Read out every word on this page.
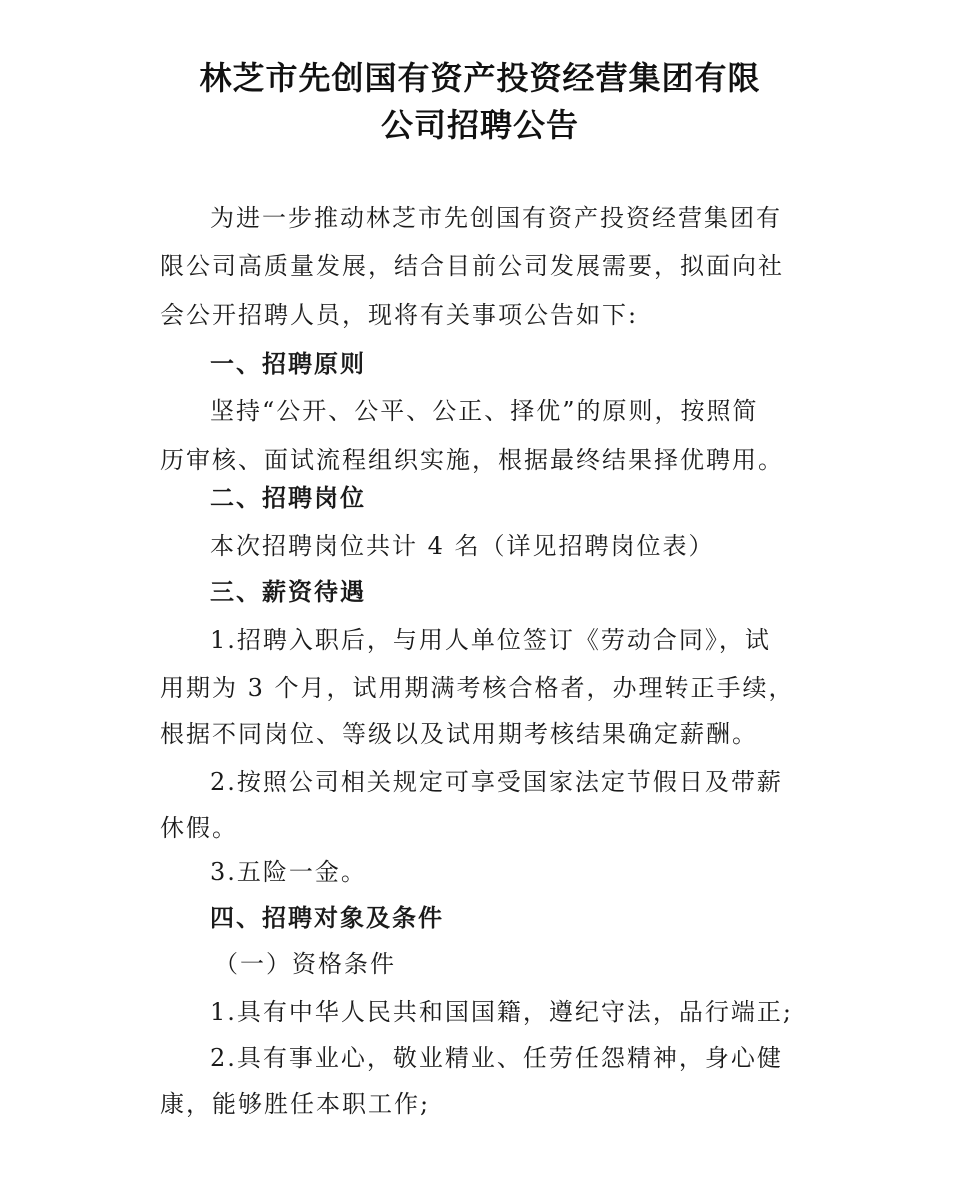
林芝市先创国有资产投资经营集团有限
公司招聘公告
为进一步推动林芝市先创国有资产投资经营集团有
限公司高质量发展，结合目前公司发展需要，拟面向社
会公开招聘人员，现将有关事项公告如下:
一、招聘原则
坚持“公开、公平、公正、择优”的原则，按照简
历审核、面试流程组织实施，根据最终结果择优聘用。
二、招聘岗位
本次招聘岗位共计 4 名（详见招聘岗位表）
三、薪资待遇
1.招聘入职后，与用人单位签订《劳动合同》，试
用期为 3 个月，试用期满考核合格者，办理转正手续，
根据不同岗位、等级以及试用期考核结果确定薪酬。
2.按照公司相关规定可享受国家法定节假日及带薪
休假。
3.五险一金。
四、招聘对象及条件
（一）资格条件
1.具有中华人民共和国国籍，遵纪守法，品行端正;
2.具有事业心，敬业精业、任劳任怨精神，身心健
康，能够胜任本职工作;
